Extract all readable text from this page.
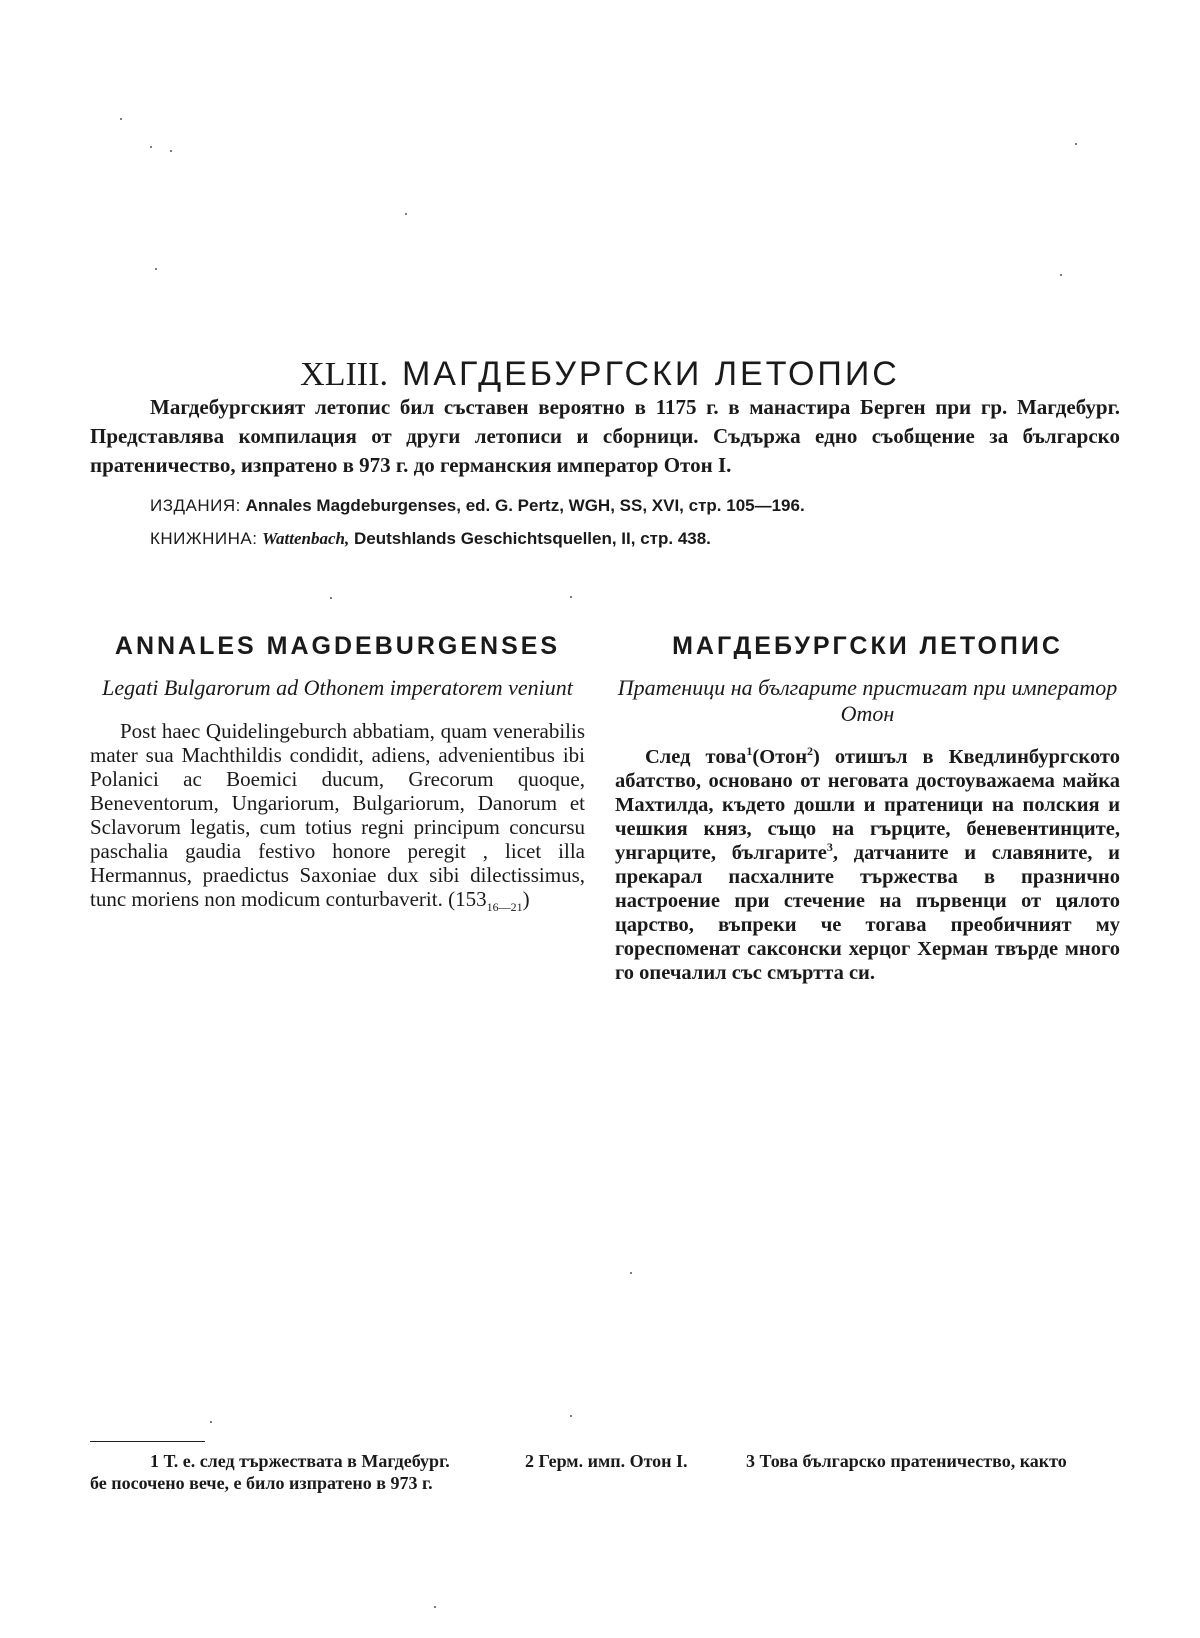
XLIII. МАГДЕБУРГСКИ ЛЕТОПИС

Магдебургският летопис бил съставен вероятно в 1175 г. в манастира Берген при гр. Магдебург. Представлява компилация от други летописи и сборници. Съдържа едно съобщение за българско пратеничество, изпратено в 973 г. до германския император Отон I.

ИЗДАНИЯ: Annales Magdeburgenses, ed. G. Pertz, WGH, SS, XVI, стр. 105—196.
КНИЖНИНА: Wattenbach, Deutshlands Geschichtsquellen, II, стр. 438.
ANNALES MAGDEBURGENSES
Legati Bulgarorum ad Othonem imperatorem veniunt

Post haec Quidelingeburch abbatiam, quam venerabilis mater sua Machthildis condidit, adiens, advenientibus ibi Polanici ac Boemici ducum, Grecorum quoque, Beneventorum, Ungariorum, Bulgariorum, Danorum et Sclavorum legatis, cum totius regni principum concursu paschalia gaudia festivo honore peregit , licet illa Hermannus, praedictus Saxoniae dux sibi dilectissimus, tunc moriens non modicum conturbaverit. $(153_{16—21})$

МАГДЕБУРГСКИ ЛЕТОПИС
Пратеници на българите пристигат при император Отон

След това$^1$(Отон$^2$) отишъл в Кведлинбургското абатство, основано от неговата достоуважаема майка Махтилда, където дошли и пратеници на полския и чешкия княз, също на гърците, беневентинците, унгарците, българите$^3$, датчаните и славяните, и прекарал пасхалните тържества в празнично настроение при стечение на първенци от цялото царство, въпреки че тогава преобичният му гореспоменат саксонски херцог Херман твърде много го опечалил със смъртта си.

1 Т. е. след тържествата в Магдебург.
бе посочено вече, е било изпратено в 973 г.
2 Герм. имп. Отон I.	3 Това българско пратеничество, както
